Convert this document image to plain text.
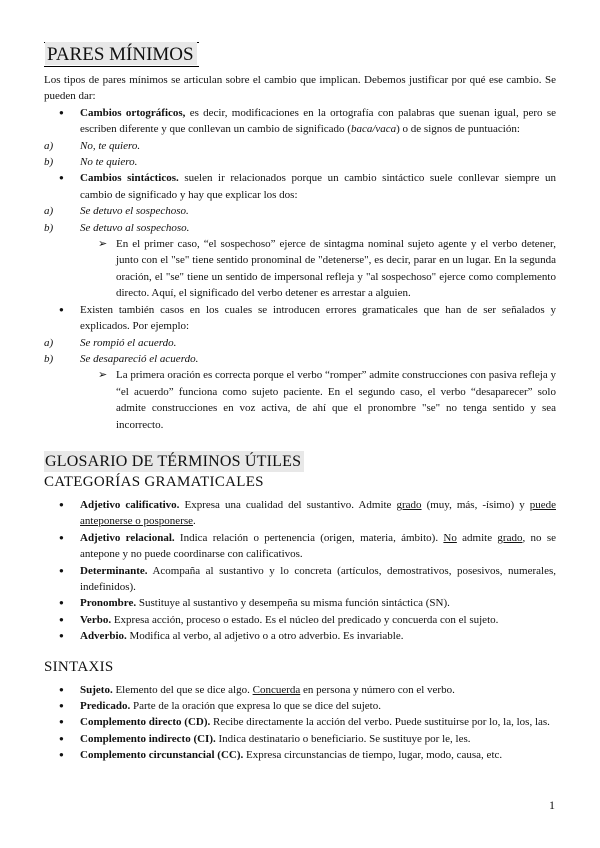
PARES MÍNIMOS
Los tipos de pares mínimos se articulan sobre el cambio que implican. Debemos justificar por qué ese cambio. Se pueden dar:
● Cambios ortográficos, es decir, modificaciones en la ortografía con palabras que suenan igual, pero se escriben diferente y que conllevan un cambio de significado (baca/vaca) o de signos de puntuación:
a) No, te quiero.
b) No te quiero.
● Cambios sintácticos. suelen ir relacionados porque un cambio sintáctico suele conllevar siempre un cambio de significado y hay que explicar los dos:
a) Se detuvo el sospechoso.
b) Se detuvo al sospechoso.
➢ En el primer caso, “el sospechoso” ejerce de sintagma nominal sujeto agente y el verbo detener, junto con el "se" tiene sentido pronominal de "detenerse", es decir, parar en un lugar. En la segunda oración, el "se" tiene un sentido de impersonal refleja y "al sospechoso" ejerce como complemento directo. Aquí, el significado del verbo detener es arrestar a alguien.
● Existen también casos en los cuales se introducen errores gramaticales que han de ser señalados y explicados. Por ejemplo:
a) Se rompió el acuerdo.
b) Se desapareció el acuerdo.
➢ La primera oración es correcta porque el verbo “romper” admite construcciones con pasiva refleja y “el acuerdo” funciona como sujeto paciente. En el segundo caso, el verbo “desaparecer” solo admite construcciones en voz activa, de ahí que el pronombre "se" no tenga sentido y sea incorrecto.
GLOSARIO DE TÉRMINOS ÚTILES
CATEGORÍAS GRAMATICALES
● Adjetivo calificativo. Expresa una cualidad del sustantivo. Admite grado (muy, más, -ísimo) y puede anteponerse o posponerse.
● Adjetivo relacional. Indica relación o pertenencia (origen, materia, ámbito). No admite grado, no se antepone y no puede coordinarse con calificativos.
● Determinante. Acompaña al sustantivo y lo concreta (artículos, demostrativos, posesivos, numerales, indefinidos).
● Pronombre. Sustituye al sustantivo y desempeña su misma función sintáctica (SN).
● Verbo. Expresa acción, proceso o estado. Es el núcleo del predicado y concuerda con el sujeto.
● Adverbio. Modifica al verbo, al adjetivo o a otro adverbio. Es invariable.
SINTAXIS
● Sujeto. Elemento del que se dice algo. Concuerda en persona y número con el verbo.
● Predicado. Parte de la oración que expresa lo que se dice del sujeto.
● Complemento directo (CD). Recibe directamente la acción del verbo. Puede sustituirse por lo, la, los, las.
● Complemento indirecto (CI). Indica destinatario o beneficiario. Se sustituye por le, les.
● Complemento circunstancial (CC). Expresa circunstancias de tiempo, lugar, modo, causa, etc.
1
